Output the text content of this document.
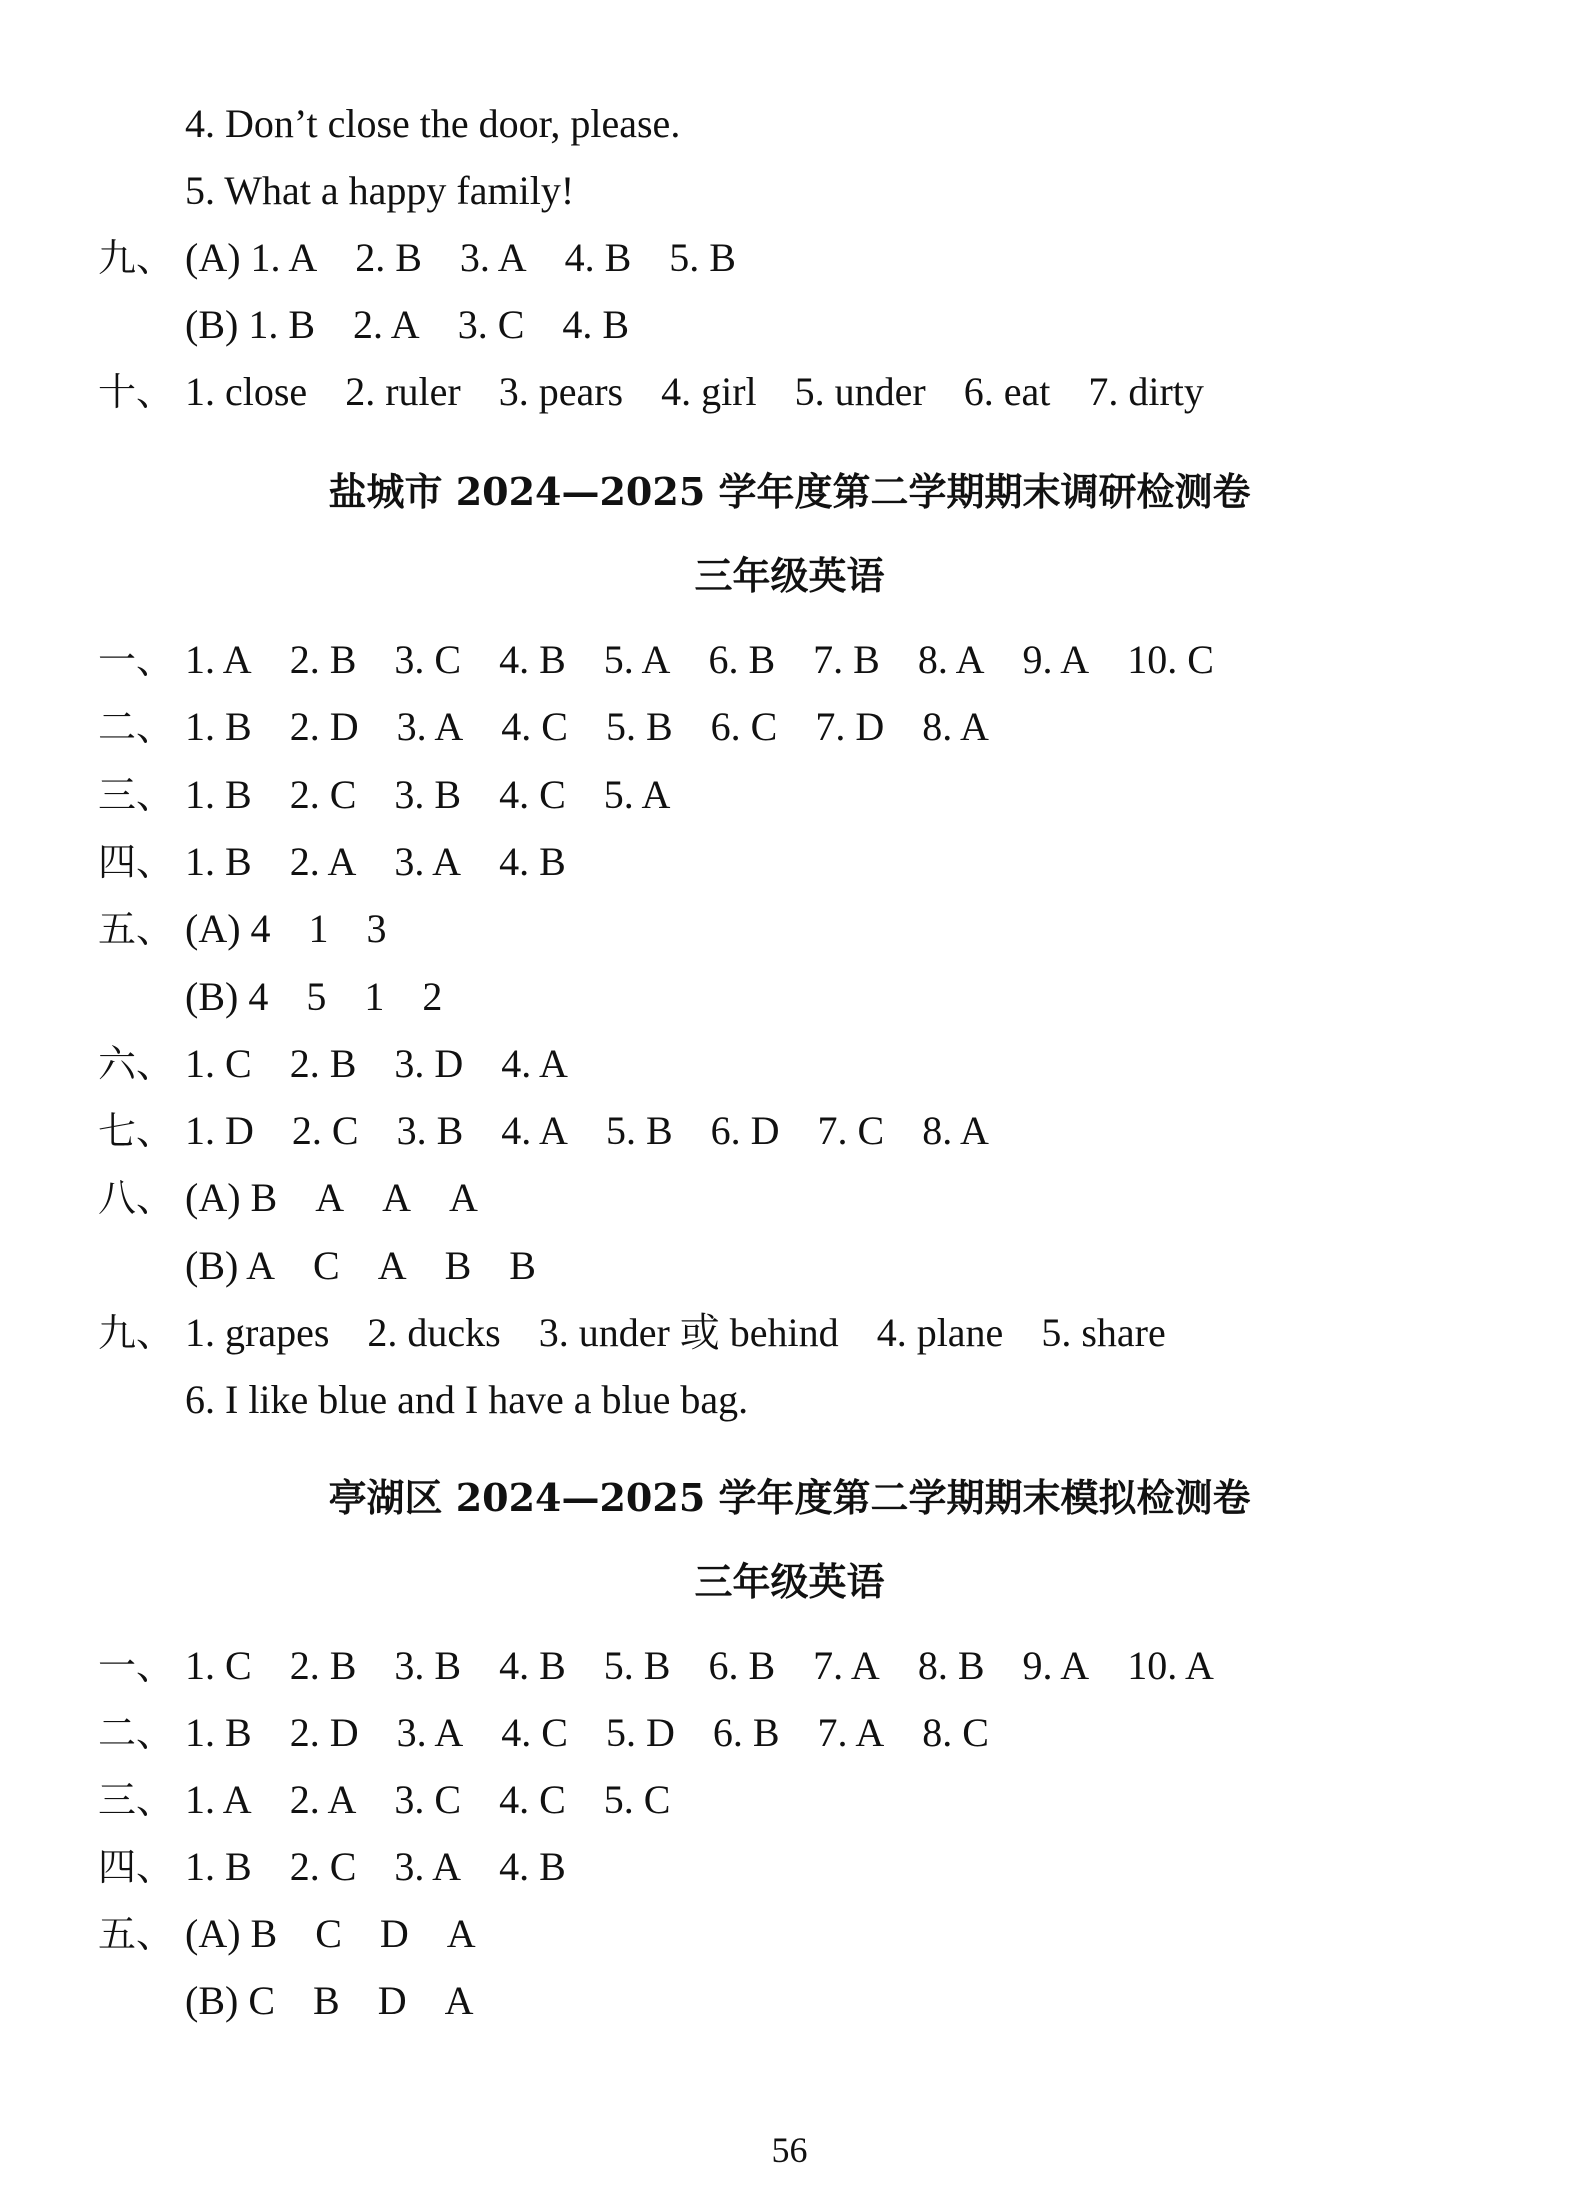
4. Don’t close the door, please.
5. What a happy family!
九、 (A) 1. A 2. B 3. A 4. B 5. B
(B) 1. B 2. A 3. C 4. B
十、 1. close 2. ruler 3. pears 4. girl 5. under 6. eat 7. dirty
盐城市 2024—2025 学年度第二学期期末调研检测卷
三年级英语
一、 1. A 2. B 3. C 4. B 5. A 6. B 7. B 8. A 9. A 10. C
二、 1. B 2. D 3. A 4. C 5. B 6. C 7. D 8. A
三、 1. B 2. C 3. B 4. C 5. A
四、 1. B 2. A 3. A 4. B
五、 (A) 4 1 3
(B) 4 5 1 2
六、 1. C 2. B 3. D 4. A
七、 1. D 2. C 3. B 4. A 5. B 6. D 7. C 8. A
八、 (A) B A A A
(B) A C A B B
九、 1. grapes 2. ducks 3. under 或 behind 4. plane 5. share
6. I like blue and I have a blue bag.
亭湖区 2024—2025 学年度第二学期期末模拟检测卷
三年级英语
一、 1. C 2. B 3. B 4. B 5. B 6. B 7. A 8. B 9. A 10. A
二、 1. B 2. D 3. A 4. C 5. D 6. B 7. A 8. C
三、 1. A 2. A 3. C 4. C 5. C
四、 1. B 2. C 3. A 4. B
五、 (A) B C D A
(B) C B D A
56
